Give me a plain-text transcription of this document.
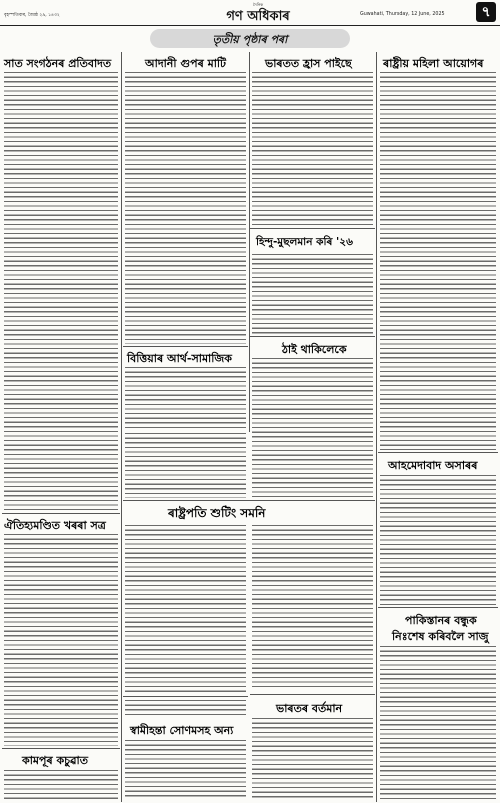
বৃহস্পতিবাৰ, জ্যৈষ্ঠ ২৯, ১৪৩২
দৈনিক
গণ অধিকাৰ	Guwahati, Thursday, 12 June, 2025	৭
তৃতীয় পৃষ্ঠাৰ পৰা
সাত সংগঠনৰ প্ৰতিবাদত
ঐতিহ্যমণ্ডিত খৰৰা সত্ৰ
কামপূৰ কচুৱাত
আদানী গুপৰ মাটি
বিত্তিয়াৰ আৰ্থ-সামাজিক
ভাৰতত হ্ৰাস পাইছে
হিন্দু-মুছলমান কৰি '২৬
ঠাই থাকিলেকে
ৰাষ্ট্ৰপতি শুটিং সমনি
ভাৰতৰ বৰ্তমান
স্বামীহন্তা সোণমসহ অন্য
ৰাষ্ট্ৰীয় মহিলা আয়োগৰ
আহমেদাবাদ অসাৰৰ
পাকিস্তানৰ বন্ধুক
নিঃশেষ কৰিবলৈ সাজু
